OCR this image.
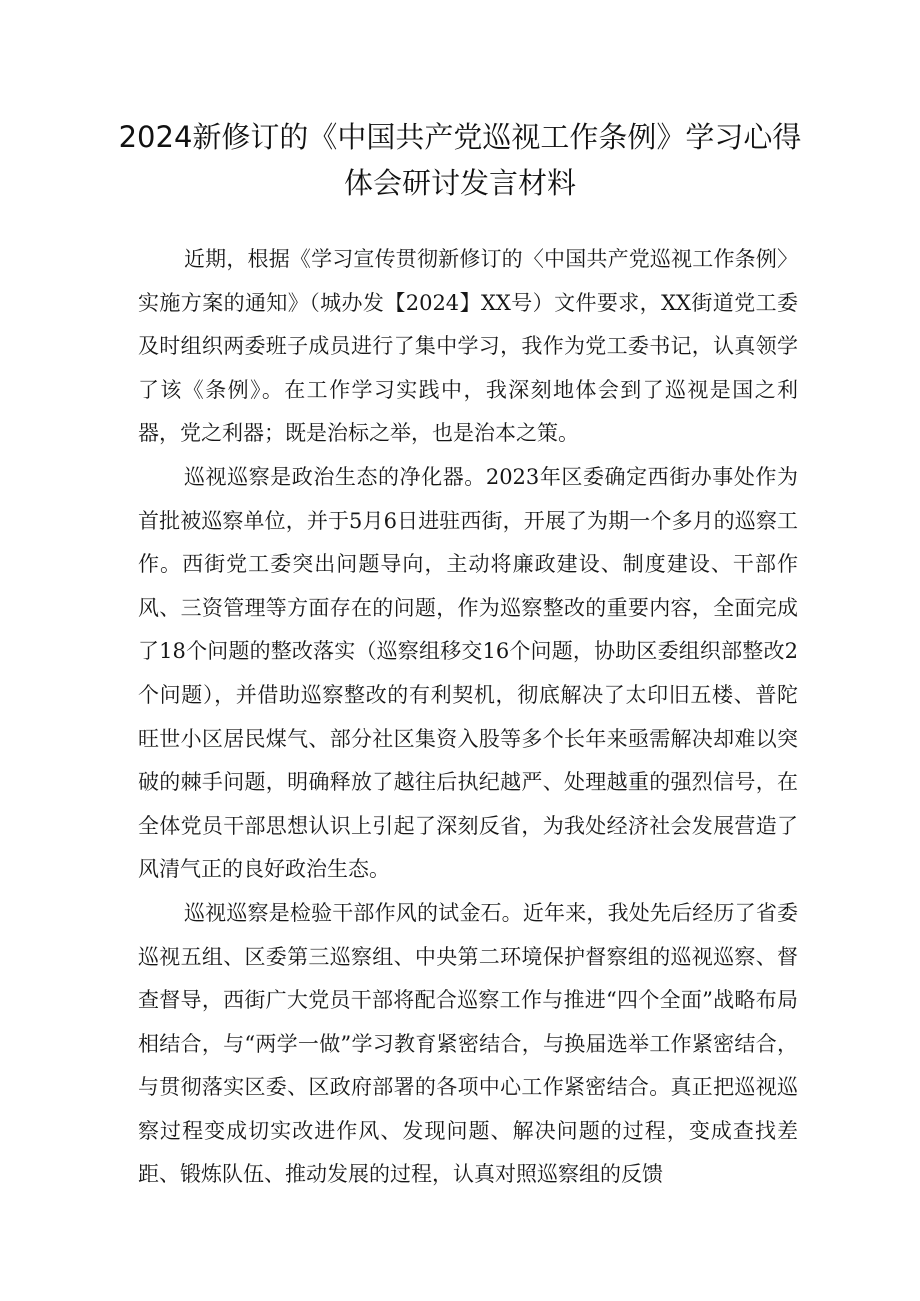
2024新修订的《中国共产党巡视工作条例》学习心得
体会研讨发言材料

近期，根据《学习宣传贯彻新修订的〈中国共产党巡视工作条例〉实施方案的通知》（城办发【2024】XX号）文件要求，XX街道党工委及时组织两委班子成员进行了集中学习，我作为党工委书记，认真领学了该《条例》。在工作学习实践中，我深刻地体会到了巡视是国之利器，党之利器；既是治标之举，也是治本之策。

巡视巡察是政治生态的净化器。2023年区委确定西街办事处作为首批被巡察单位，并于5月6日进驻西街，开展了为期一个多月的巡察工作。西街党工委突出问题导向，主动将廉政建设、制度建设、干部作风、三资管理等方面存在的问题，作为巡察整改的重要内容，全面完成了18个问题的整改落实（巡察组移交16个问题，协助区委组织部整改2个问题），并借助巡察整改的有利契机，彻底解决了太印旧五楼、普陀旺世小区居民煤气、部分社区集资入股等多个长年来亟需解决却难以突破的棘手问题，明确释放了越往后执纪越严、处理越重的强烈信号，在全体党员干部思想认识上引起了深刻反省，为我处经济社会发展营造了风清气正的良好政治生态。

巡视巡察是检验干部作风的试金石。近年来，我处先后经历了省委巡视五组、区委第三巡察组、中央第二环境保护督察组的巡视巡察、督查督导，西街广大党员干部将配合巡察工作与推进“四个全面”战略布局相结合，与“两学一做”学习教育紧密结合，与换届选举工作紧密结合，与贯彻落实区委、区政府部署的各项中心工作紧密结合。真正把巡视巡察过程变成切实改进作风、发现问题、解决问题的过程，变成查找差距、锻炼队伍、推动发展的过程，认真对照巡察组的反馈
